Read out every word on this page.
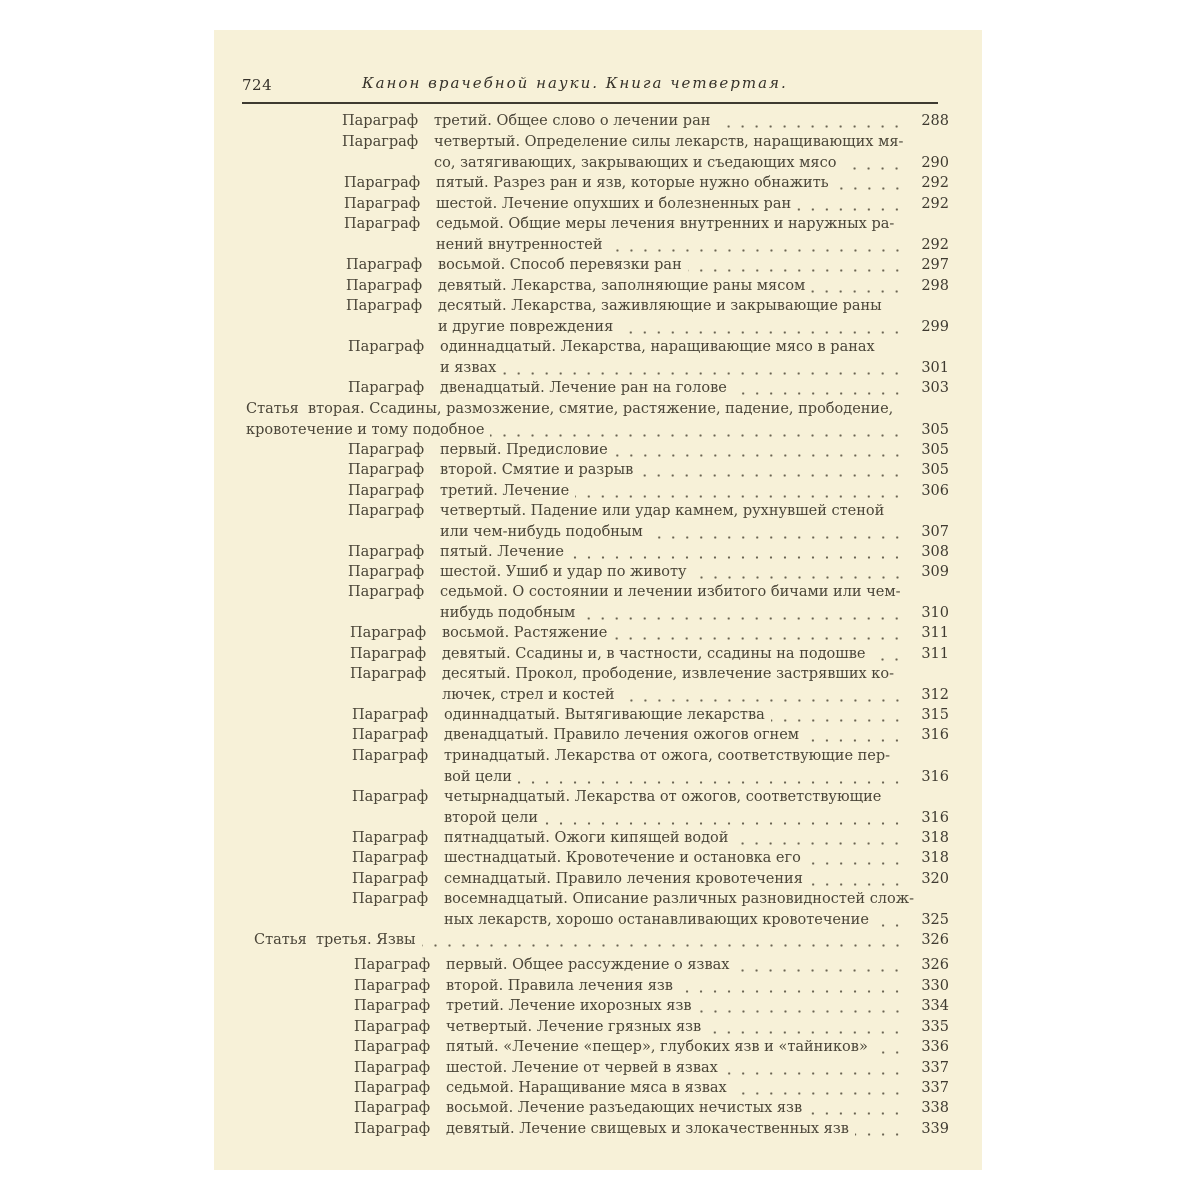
724	Канон врачебной науки. Книга четвертая.
Параграф третий. Общее слово о лечении ран	288
Параграф четвертый. Определение силы лекарств, наращивающих мя-
со, затягивающих, закрывающих и съедающих мясо	290
Параграф пятый. Разрез ран и язв, которые нужно обнажить	292
Параграф шестой. Лечение опухших и болезненных ран	292
Параграф седьмой. Общие меры лечения внутренних и наружных ра-
нений внутренностей	292
Параграф восьмой. Способ перевязки ран	297
Параграф девятый. Лекарства, заполняющие раны мясом	298
Параграф десятый. Лекарства, заживляющие и закрывающие раны
и другие повреждения	299
Параграф одиннадцатый. Лекарства, наращивающие мясо в ранах
и язвах	301
Параграф двенадцатый. Лечение ран на голове	303
Статья вторая. Ссадины, размозжение, смятие, растяжение, падение, прободение,
кровотечение и тому подобное	305
Параграф первый. Предисловие	305
Параграф второй. Смятие и разрыв	305
Параграф третий. Лечение	306
Параграф четвертый. Падение или удар камнем, рухнувшей стеной
или чем-нибудь подобным	307
Параграф пятый. Лечение	308
Параграф шестой. Ушиб и удар по животу	309
Параграф седьмой. О состоянии и лечении избитого бичами или чем-
нибудь подобным	310
Параграф восьмой. Растяжение	311
Параграф девятый. Ссадины и, в частности, ссадины на подошве	311
Параграф десятый. Прокол, прободение, извлечение застрявших ко-
лючек, стрел и костей	312
Параграф одиннадцатый. Вытягивающие лекарства	315
Параграф двенадцатый. Правило лечения ожогов огнем	316
Параграф тринадцатый. Лекарства от ожога, соответствующие пер-
вой цели	316
Параграф четырнадцатый. Лекарства от ожогов, соответствующие
второй цели	316
Параграф пятнадцатый. Ожоги кипящей водой	318
Параграф шестнадцатый. Кровотечение и остановка его	318
Параграф семнадцатый. Правило лечения кровотечения	320
Параграф восемнадцатый. Описание различных разновидностей слож-
ных лекарств, хорошо останавливающих кровотечение	325
Статья третья. Язвы	326
Параграф первый. Общее рассуждение о язвах	326
Параграф второй. Правила лечения язв	330
Параграф третий. Лечение ихорозных язв	334
Параграф четвертый. Лечение грязных язв	335
Параграф пятый. «Лечение «пещер», глубоких язв и «тайников»	336
Параграф шестой. Лечение от червей в язвах	337
Параграф седьмой. Наращивание мяса в язвах	337
Параграф восьмой. Лечение разъедающих нечистых язв	338
Параграф девятый. Лечение свищевых и злокачественных язв	339
